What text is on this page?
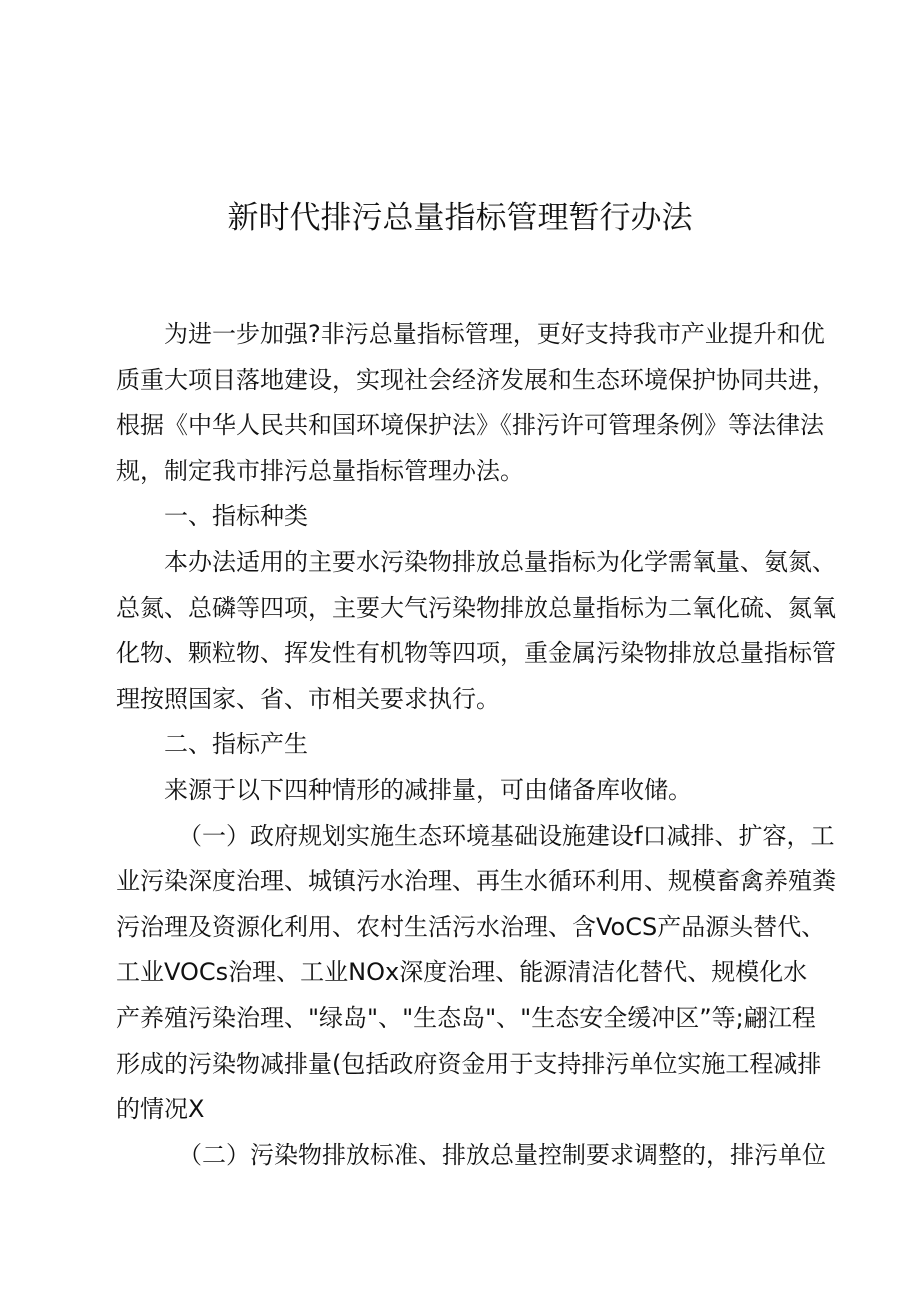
新时代排污总量指标管理暂行办法
为进一步加强?非污总量指标管理，更好支持我市产业提升和优
质重大项目落地建设，实现社会经济发展和生态环境保护协同共进，
根据《中华人民共和国环境保护法》《排污许可管理条例》等法律法
规，制定我市排污总量指标管理办法。
一、指标种类
本办法适用的主要水污染物排放总量指标为化学需氧量、氨氮、
总氮、总磷等四项，主要大气污染物排放总量指标为二氧化硫、氮氧
化物、颗粒物、挥发性有机物等四项，重金属污染物排放总量指标管
理按照国家、省、市相关要求执行。
二、指标产生
来源于以下四种情形的减排量，可由储备库收储。
（一）政府规划实施生态环境基础设施建设f口减排、扩容，工
业污染深度治理、城镇污水治理、再生水循环利用、规模畜禽养殖粪
污治理及资源化利用、农村生活污水治理、含VoCS产品源头替代、
工业VOCs治理、工业NOx深度治理、能源清洁化替代、规模化水
产养殖污染治理、"绿岛"、"生态岛"、"生态安全缓冲区”等;翩江程
形成的污染物减排量(包括政府资金用于支持排污单位实施工程减排
的情况X
（二）污染物排放标准、排放总量控制要求调整的，排污单位
